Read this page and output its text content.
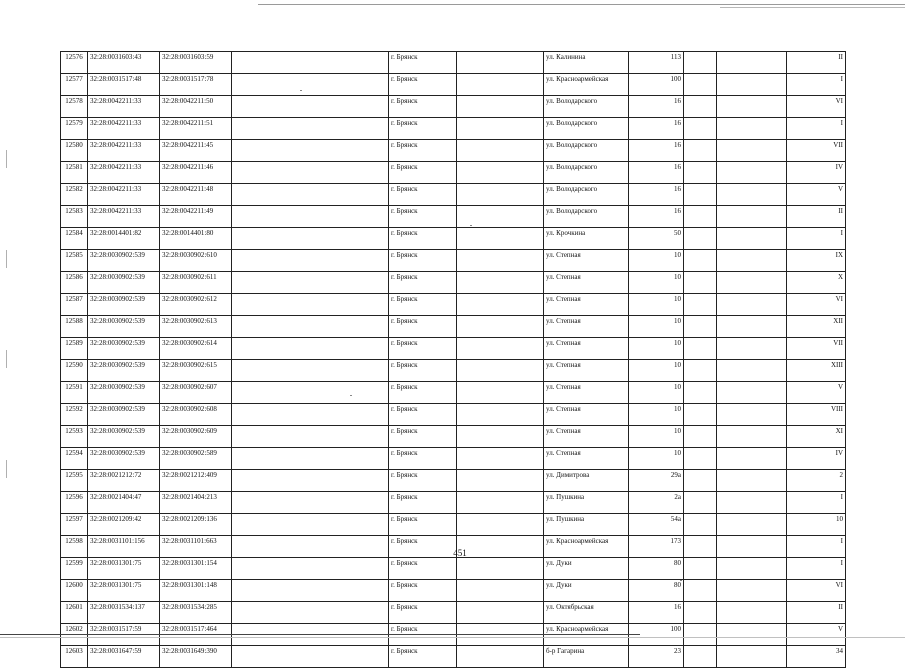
12576	32:28:0031603:43	32:28:0031603:59		г. Брянск		ул. Калинина	113			II
12577	32:28:0031517:48	32:28:0031517:78		г. Брянск		ул. Красноармейская	100			I
12578	32:28:0042211:33	32:28:0042211:50		г. Брянск		ул. Володарского	16			VI
12579	32:28:0042211:33	32:28:0042211:51		г. Брянск		ул. Володарского	16			I
12580	32:28:0042211:33	32:28:0042211:45		г. Брянск		ул. Володарского	16			VII
12581	32:28:0042211:33	32:28:0042211:46		г. Брянск		ул. Володарского	16			IV
12582	32:28:0042211:33	32:28:0042211:48		г. Брянск		ул. Володарского	16			V
12583	32:28:0042211:33	32:28:0042211:49		г. Брянск		ул. Володарского	16			II
12584	32:28:0014401:82	32:28:0014401:80		г. Брянск		ул. Крочкина	50			I
12585	32:28:0030902:539	32:28:0030902:610		г. Брянск		ул. Степная	10			IX
12586	32:28:0030902:539	32:28:0030902:611		г. Брянск		ул. Степная	10			X
12587	32:28:0030902:539	32:28:0030902:612		г. Брянск		ул. Степная	10			VI
12588	32:28:0030902:539	32:28:0030902:613		г. Брянск		ул. Степная	10			XII
12589	32:28:0030902:539	32:28:0030902:614		г. Брянск		ул. Степная	10			VII
12590	32:28:0030902:539	32:28:0030902:615		г. Брянск		ул. Степная	10			XIII
12591	32:28:0030902:539	32:28:0030902:607		г. Брянск		ул. Степная	10			V
12592	32:28:0030902:539	32:28:0030902:608		г. Брянск		ул. Степная	10			VIII
12593	32:28:0030902:539	32:28:0030902:609		г. Брянск		ул. Степная	10			XI
12594	32:28:0030902:539	32:28:0030902:589		г. Брянск		ул. Степная	10			IV
12595	32:28:0021212:72	32:28:0021212:409		г. Брянск		ул. Димитрова	29а			2
12596	32:28:0021404:47	32:28:0021404:213		г. Брянск		ул. Пушкина	2а			I
12597	32:28:0021209:42	32:28:0021209:136		г. Брянск		ул. Пушкина	54а			10
12598	32:28:0031101:156	32:28:0031101:663		г. Брянск		ул. Красноармейская	173			I
12599	32:28:0031301:75	32:28:0031301:154		г. Брянск		ул. Дуки	80			I
12600	32:28:0031301:75	32:28:0031301:148		г. Брянск		ул. Дуки	80			VI
12601	32:28:0031534:137	32:28:0031534:285		г. Брянск		ул. Октябрьская	16			II
12602	32:28:0031517:59	32:28:0031517:464		г. Брянск		ул. Красноармейская	100			V
12603	32:28:0031647:59	32:28:0031649:390		г. Брянск		б-р Гагарина	23			34
451
